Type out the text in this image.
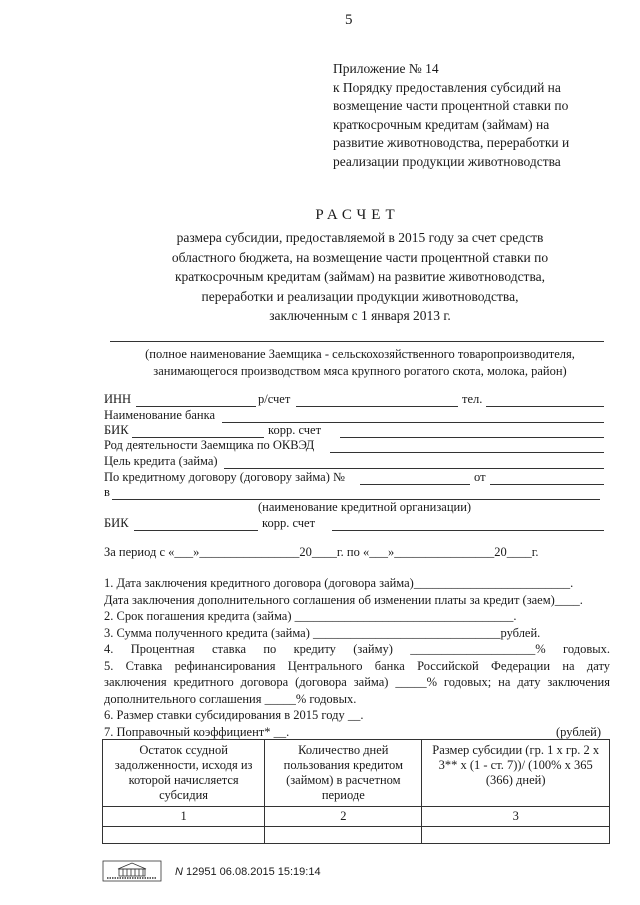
5
Приложение № 14
к Порядку предоставления субсидий на
возмещение части процентной ставки по
краткосрочным кредитам (займам) на
развитие животноводства, переработки и
реализации продукции животноводства
РАСЧЕТ
размера субсидии, предоставляемой в 2015 году за счет средств
областного бюджета, на возмещение части процентной ставки по
краткосрочным кредитам (займам) на развитие животноводства,
переработки и реализации продукции животноводства,
заключенным с 1 января 2013 г.
(полное наименование Заемщика - сельскохозяйственного товаропроизводителя,
занимающегося производством мяса крупного рогатого скота, молока, район)
ИНН	р/счет	тел.
Наименование банка
БИК	корр. счет
Род деятельности Заемщика по ОКВЭД
Цель кредита (займа)
По кредитному договору (договору займа) №	от
в
(наименование кредитной организации)
БИК	корр. счет
За период с «___»________________20____г. по «___»________________20____г.
1. Дата заключения кредитного договора (договора займа)_________________________.
Дата заключения дополнительного соглашения об изменении платы за кредит (заем)____.
2. Срок погашения кредита (займа) ___________________________________.
3. Сумма полученного кредита (займа) ______________________________рублей.
4. Процентная ставка по кредиту (займу) ____________________% годовых.
5. Ставка рефинансирования Центрального банка Российской Федерации на дату
заключения кредитного договора (договора займа) _____% годовых; на дату заключения
дополнительного соглашения _____% годовых.
6. Размер ставки субсидирования в 2015 году __.
7. Поправочный коэффициент* __.	(рублей)
Остаток ссудной задолженности, исходя из которой начисляется субсидия	Количество дней пользования кредитом (займом) в расчетном периоде	Размер субсидии (гр. 1 х гр. 2 х 3** х (1 - ст. 7))/ (100% х 365 (366) дней)
1	2	3

N 12951 06.08.2015 15:19:14
